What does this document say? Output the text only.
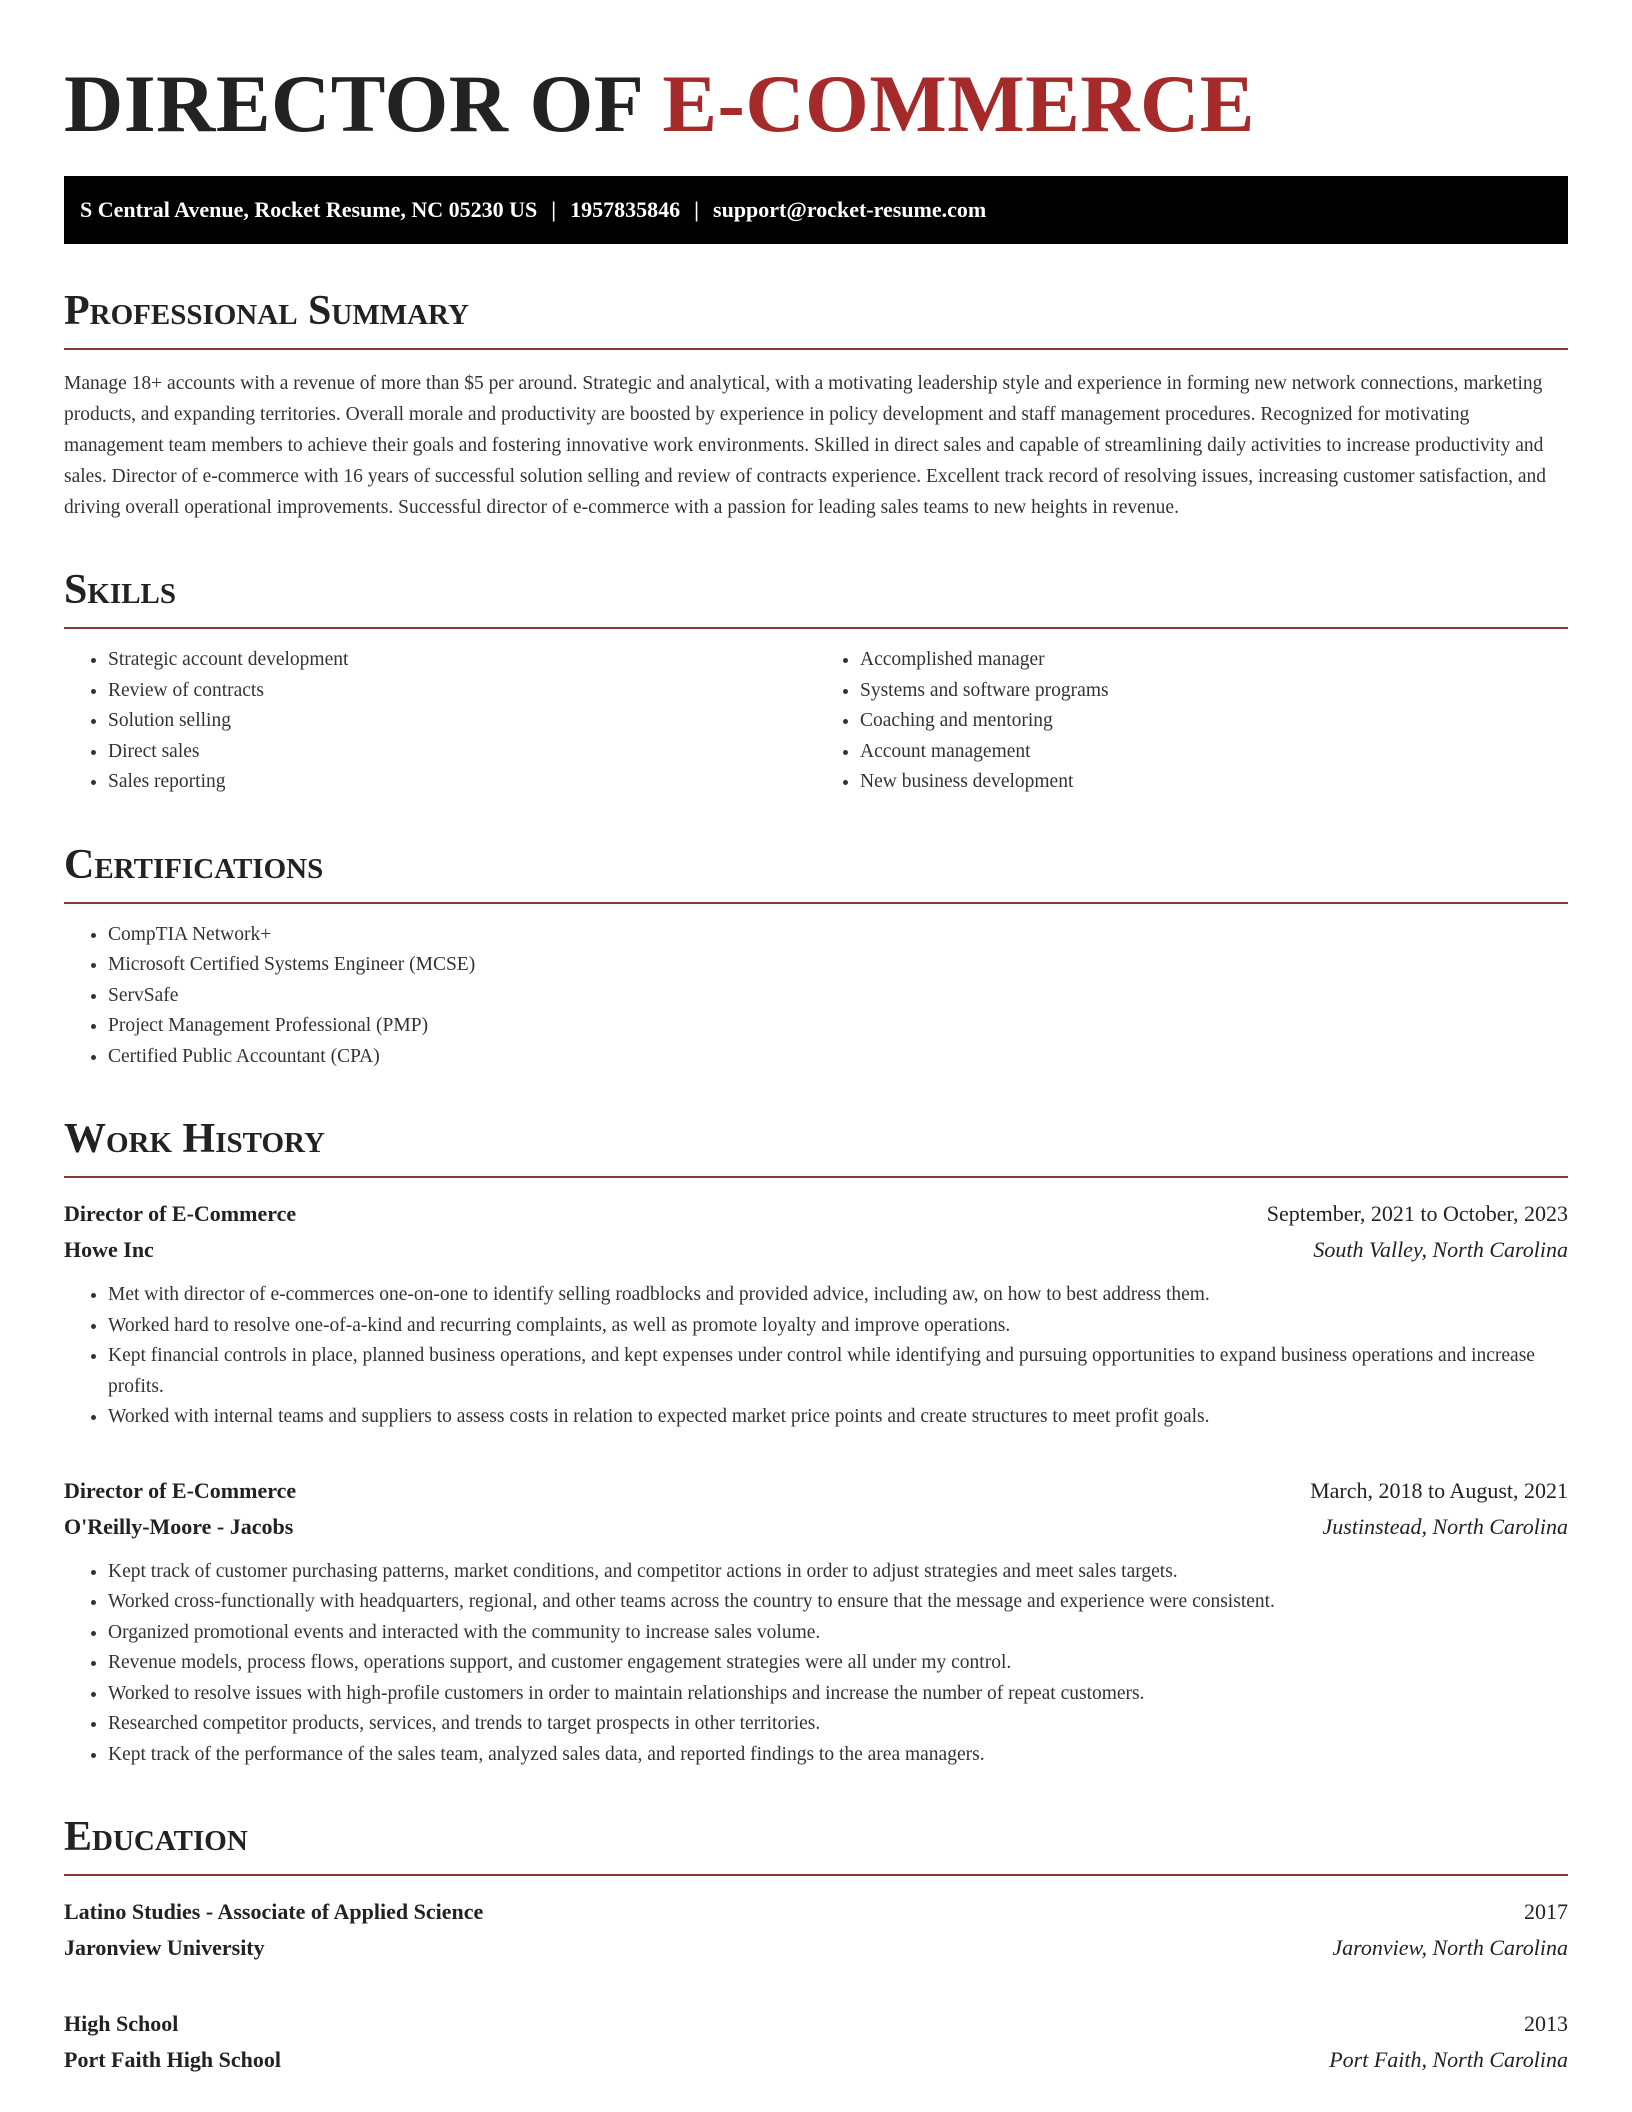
DIRECTOR OF E-COMMERCE
S Central Avenue, Rocket Resume, NC 05230 US | 1957835846 | support@rocket-resume.com
Professional Summary

Manage 18+ accounts with a revenue of more than $5 per around. Strategic and analytical, with a motivating leadership style and experience in forming new network connections, marketing products, and expanding territories. Overall morale and productivity are boosted by experience in policy development and staff management procedures. Recognized for motivating management team members to achieve their goals and fostering innovative work environments. Skilled in direct sales and capable of streamlining daily activities to increase productivity and sales. Director of e-commerce with 16 years of successful solution selling and review of contracts experience. Excellent track record of resolving issues, increasing customer satisfaction, and driving overall operational improvements. Successful director of e-commerce with a passion for leading sales teams to new heights in revenue.

Skills
• Strategic account development
• Review of contracts
• Solution selling
• Direct sales
• Sales reporting
• Accomplished manager
• Systems and software programs
• Coaching and mentoring
• Account management
• New business development
Certifications
• CompTIA Network+
• Microsoft Certified Systems Engineer (MCSE)
• ServSafe
• Project Management Professional (PMP)
• Certified Public Accountant (CPA)
Work History
Director of E-Commerce	September, 2021 to October, 2023
Howe Inc	South Valley, North Carolina
• Met with director of e-commerces one-on-one to identify selling roadblocks and provided advice, including aw, on how to best address them.
• Worked hard to resolve one-of-a-kind and recurring complaints, as well as promote loyalty and improve operations.
• Kept financial controls in place, planned business operations, and kept expenses under control while identifying and pursuing opportunities to expand business operations and increase profits.
• Worked with internal teams and suppliers to assess costs in relation to expected market price points and create structures to meet profit goals.
Director of E-Commerce	March, 2018 to August, 2021
O'Reilly-Moore - Jacobs	Justinstead, North Carolina
• Kept track of customer purchasing patterns, market conditions, and competitor actions in order to adjust strategies and meet sales targets.
• Worked cross-functionally with headquarters, regional, and other teams across the country to ensure that the message and experience were consistent.
• Organized promotional events and interacted with the community to increase sales volume.
• Revenue models, process flows, operations support, and customer engagement strategies were all under my control.
• Worked to resolve issues with high-profile customers in order to maintain relationships and increase the number of repeat customers.
• Researched competitor products, services, and trends to target prospects in other territories.
• Kept track of the performance of the sales team, analyzed sales data, and reported findings to the area managers.
Education
Latino Studies - Associate of Applied Science	2017
Jaronview University	Jaronview, North Carolina
High School	2013
Port Faith High School	Port Faith, North Carolina
